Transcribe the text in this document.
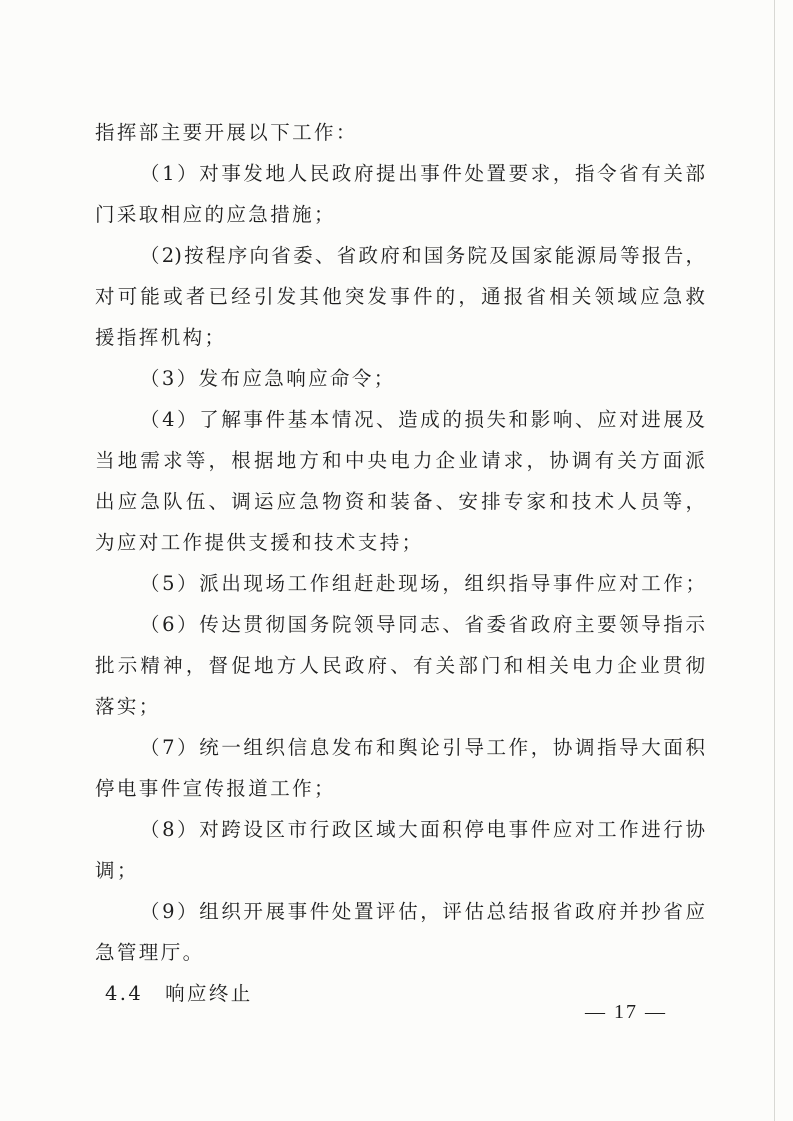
指挥部主要开展以下工作：
（1）对事发地人民政府提出事件处置要求，指令省有关部
门采取相应的应急措施；
（2)按程序向省委、省政府和国务院及国家能源局等报告，
对可能或者已经引发其他突发事件的，通报省相关领域应急救
援指挥机构；
（3）发布应急响应命令；
（4）了解事件基本情况、造成的损失和影响、应对进展及
当地需求等，根据地方和中央电力企业请求，协调有关方面派
出应急队伍、调运应急物资和装备、安排专家和技术人员等，
为应对工作提供支援和技术支持；
（5）派出现场工作组赶赴现场，组织指导事件应对工作；
（6）传达贯彻国务院领导同志、省委省政府主要领导指示
批示精神，督促地方人民政府、有关部门和相关电力企业贯彻
落实；
（7）统一组织信息发布和舆论引导工作，协调指导大面积
停电事件宣传报道工作；
（8）对跨设区市行政区域大面积停电事件应对工作进行协
调；
（9）组织开展事件处置评估，评估总结报省政府并抄省应
急管理厅。
4.4　响应终止
— 17 —
